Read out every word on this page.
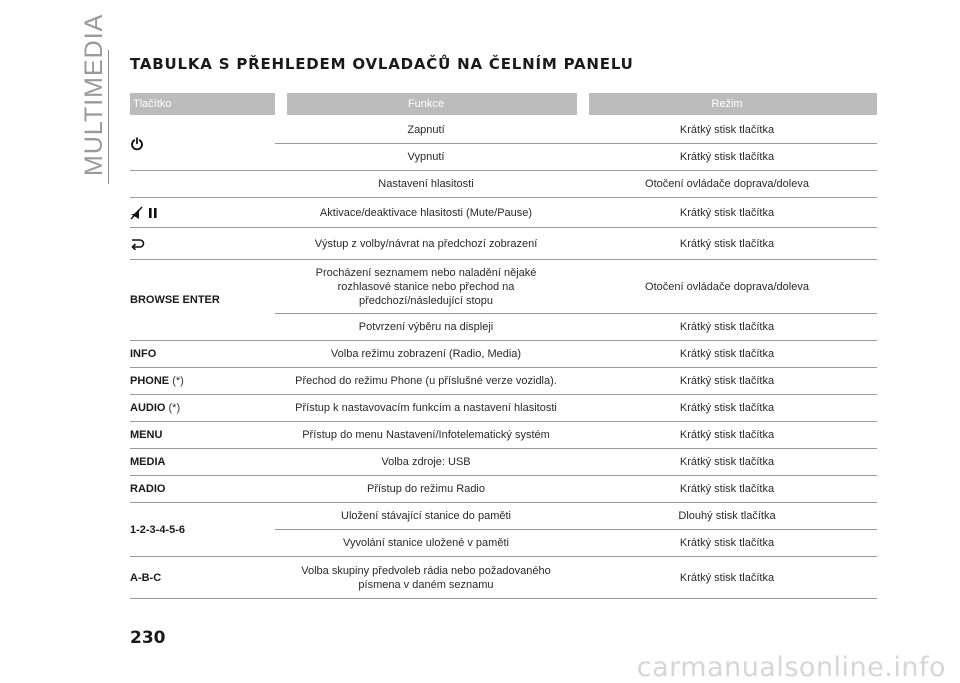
MULTIMEDIA TABULKA S PŘEHLEDEM OVLADAČŮ NA ČELNÍM PANELU
Tlačítko	Funkce	Režim
	Zapnutí	Krátký stisk tlačítka
	Vypnutí	Krátký stisk tlačítka
	Nastavení hlasitosti	Otočení ovládače doprava/doleva
	Aktivace/deaktivace hlasitosti (Mute/Pause)	Krátký stisk tlačítka
	Výstup z volby/návrat na předchozí zobrazení	Krátký stisk tlačítka
BROWSE ENTER	Procházení seznamem nebo naladění nějaké
rozhlasové stanice nebo přechod na
předchozí/následující stopu	Otočení ovládače doprava/doleva
	Potvrzení výběru na displeji	Krátký stisk tlačítka
INFO	Volba režimu zobrazení (Radio, Media)	Krátký stisk tlačítka
PHONE (*)	Přechod do režimu Phone (u příslušné verze vozidla).	Krátký stisk tlačítka
AUDIO (*)	Přístup k nastavovacím funkcím a nastavení hlasitosti	Krátký stisk tlačítka
MENU	Přístup do menu Nastavení/Infotelematický systém	Krátký stisk tlačítka
MEDIA	Volba zdroje: USB	Krátký stisk tlačítka
RADIO	Přístup do režimu Radio	Krátký stisk tlačítka
1-2-3-4-5-6	Uložení stávající stanice do paměti	Dlouhý stisk tlačítka
	Vyvolání stanice uložené v paměti	Krátký stisk tlačítka
A-B-C	Volba skupiny předvoleb rádia nebo požadovaného
písmena v daném seznamu	Krátký stisk tlačítka
230
carmanualsonline.info
